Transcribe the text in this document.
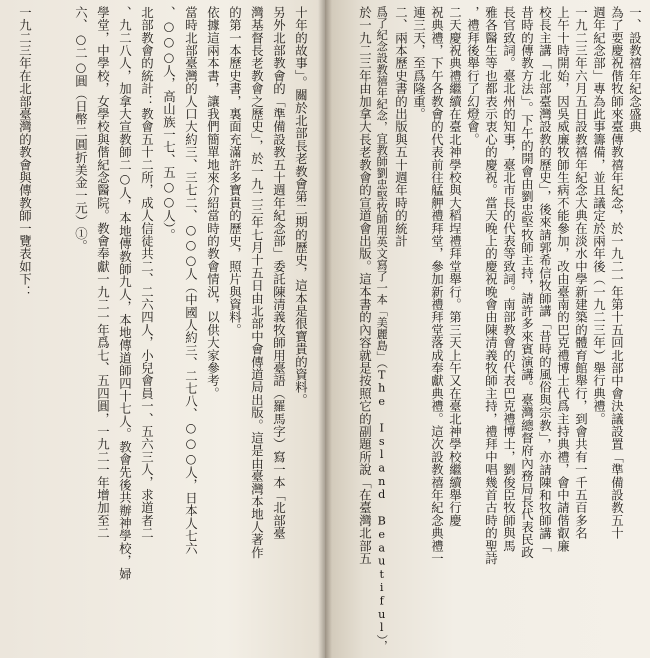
一、設教禧年紀念盛典
為了要慶祝偕牧師來臺傳教禧年紀念，於一九二一年第十五回北部中會決議設置「準備設教五十
週年紀念部」專為此事籌備，並且議定於兩年後（一九二三年）舉行典禮。
一九二三年六月五日設教禧年紀念大典在淡水中學新建築的體育館舉行，到會共有一千五百多名
上午十時開始，因吳威廉牧師生病不能參加，改由臺南的巴克禮博士代爲主持典禮，會中請偕叡廉
校長主講「北部臺灣設教的歷史」，後來請郭希信牧師講「昔時的風俗與宗教」，亦請陳和牧師講「
昔時的傳教方法」。下午的開會由劉忠堅牧師主持，請許多來賓演講。臺灣總督府內務局長代表民政
長官致詞。臺北州的知事，臺北市長的代表等致詞。南部教會的代表巴克禮博士，劉俊臣牧師與馬
雅各醫生等也都表示衷心的慶祝。當天晚上的慶祝晚會由陳清義牧師主持，禮拜中唱幾首古時的聖詩
，禮拜後舉行了幻燈會。
二天慶祝典禮繼續在臺北神學校與大稻埕禮拜堂舉行。第三天上午又在臺北神學校繼續舉行慶
祝典禮，下午各教會的代表前往艋舺禮拜堂，參加新禮拜堂落成奉獻典禮。這次設教禧年紀念典禮一
連三天，至爲隆重。
二、兩本歷史書的出版與五十週年時的統計
爲了紀念設教禧年紀念，宜教師劉忠堅牧師用英文寫了一本「美麗島」（The Island Beautiful），
於一九二三年由加拿大長老教會的宣道會出版。這本書的內容就是按照它的副題所說「在臺灣北部五
十年的故事」。關於北部長老教會第二期的歷史，這本是很寶貴的資料。
另外北部教會的「準備設教五十週年紀念部」委託陳清義牧師用臺語（羅馬字）寫一本「北部臺
灣基督長老教會之歷史」，於一九二三年七月十五日由北部中會傳道局出版。這是由臺灣本地人著作
的第一本歷史書，裏面充滿許多寶貴的歷史，照片與資料。
依據這兩本書，讓我們簡單地來介紹當時的教會情況，以供大家參考。
當時北部臺灣的人口大約三、三七二、○○○人（中國人約三、二七八、○○○人，日本人七六
、○○○人，高山族一七、五○○人）。
北部教會的統計：教會五十二所，成人信徒共二、二六四人，小兒會員一、五六三人，求道者二
、九二八人，加拿大宣教師二○人，本地傳教師九人，本地傳道師四十七人。教會先後共辦神學校，婦
學堂，中學校，女學校與偕紀念醫院。教會奉獻一九二一年爲七、五四圓，一九二一年增加至二
六、○二○圓（日幣二圓折美金一元）①。
一九二三年在北部臺灣的教會與傳教師一覽表如下：
